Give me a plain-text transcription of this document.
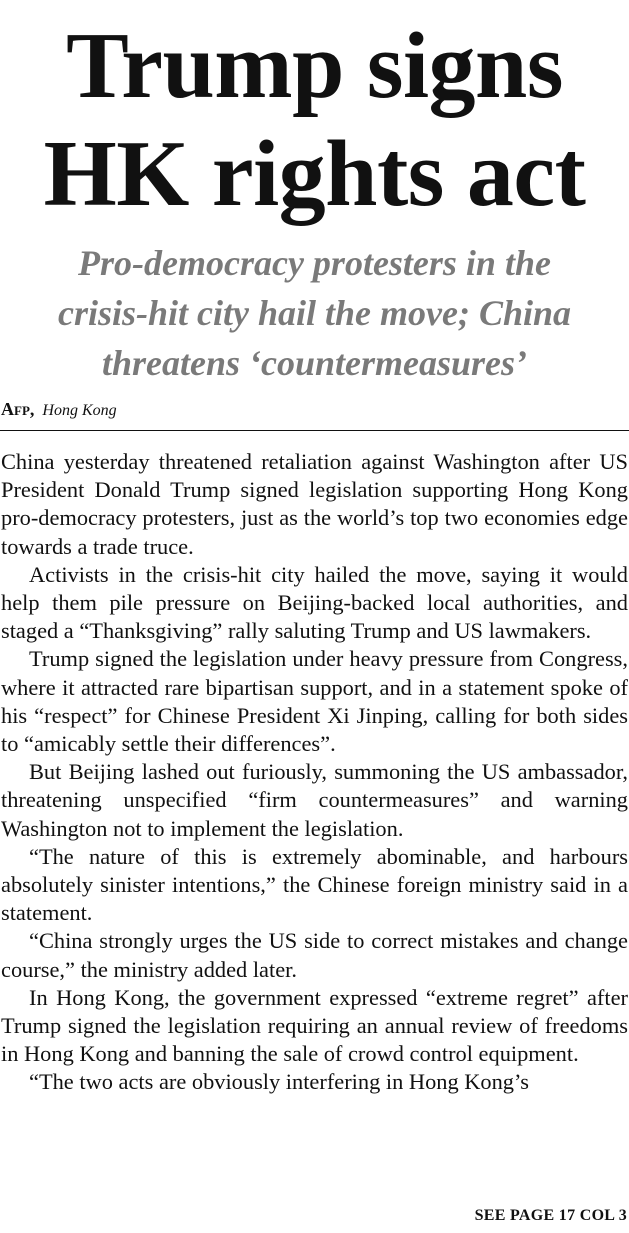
Trump signs
HK rights act
Pro-democracy protesters in the
crisis-hit city hail the move; China
threatens ‘countermeasures’
Afp, Hong Kong

China yesterday threatened retaliation against Washington after US President Donald Trump signed legislation supporting Hong Kong pro-democracy protesters, just as the world’s top two economies edge towards a trade truce.

Activists in the crisis-hit city hailed the move, saying it would help them pile pressure on Beijing-backed local authorities, and staged a “Thanksgiving” rally saluting Trump and US lawmakers.

Trump signed the legislation under heavy pressure from Congress, where it attracted rare bipartisan support, and in a statement spoke of his “respect” for Chinese President Xi Jinping, calling for both sides to “amicably settle their differences”.

But Beijing lashed out furiously, summoning the US ambassador, threatening unspecified “firm countermeasures” and warning Washington not to implement the legislation.

“The nature of this is extremely abominable, and harbours absolutely sinister intentions,” the Chinese foreign ministry said in a statement.

“China strongly urges the US side to correct mistakes and change course,” the ministry added later.

In Hong Kong, the government expressed “extreme regret” after Trump signed the legislation requiring an annual review of freedoms in Hong Kong and banning the sale of crowd control equipment.

“The two acts are obviously interfering in Hong Kong’s

SEE PAGE 17 COL 3
